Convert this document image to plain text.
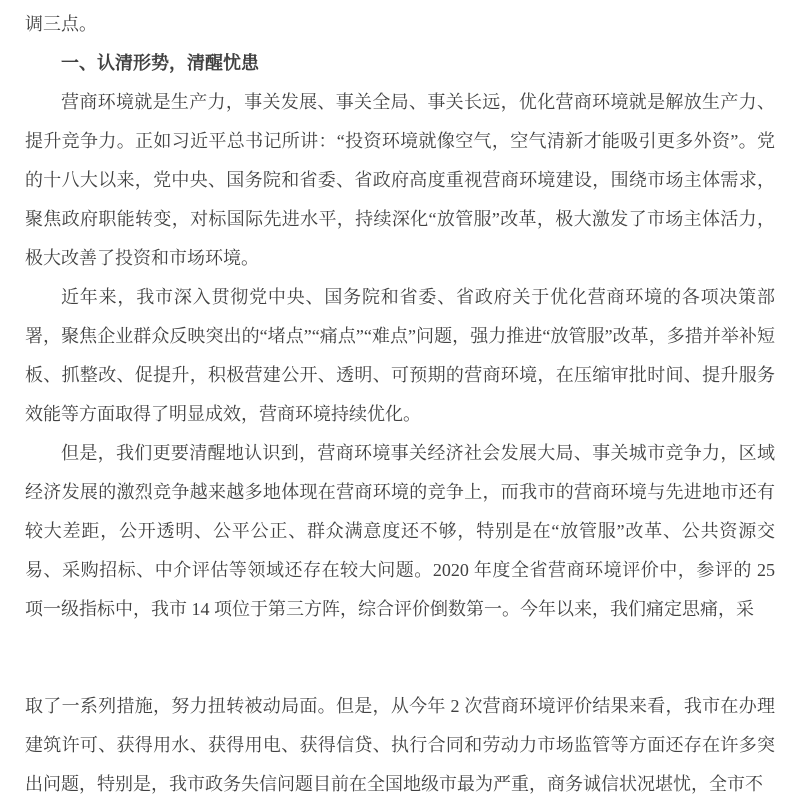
调三点。

一、认清形势，清醒忧患

营商环境就是生产力，事关发展、事关全局、事关长远，优化营商环境就是解放生产力、提升竞争力。正如习近平总书记所讲：“投资环境就像空气，空气清新才能吸引更多外资”。党的十八大以来，党中央、国务院和省委、省政府高度重视营商环境建设，围绕市场主体需求，聚焦政府职能转变，对标国际先进水平，持续深化“放管服”改革，极大激发了市场主体活力，极大改善了投资和市场环境。

近年来，我市深入贯彻党中央、国务院和省委、省政府关于优化营商环境的各项决策部署，聚焦企业群众反映突出的“堵点”“痛点”“难点”问题，强力推进“放管服”改革，多措并举补短板、抓整改、促提升，积极营建公开、透明、可预期的营商环境，在压缩审批时间、提升服务效能等方面取得了明显成效，营商环境持续优化。

但是，我们更要清醒地认识到，营商环境事关经济社会发展大局、事关城市竞争力，区域经济发展的激烈竞争越来越多地体现在营商环境的竞争上，而我市的营商环境与先进地市还有较大差距，公开透明、公平公正、群众满意度还不够，特别是在“放管服”改革、公共资源交易、采购招标、中介评估等领域还存在较大问题。2020 年度全省营商环境评价中，参评的 25 项一级指标中，我市 14 项位于第三方阵，综合评价倒数第一。今年以来，我们痛定思痛，采

取了一系列措施，努力扭转被动局面。但是，从今年 2 次营商环境评价结果来看，我市在办理建筑许可、获得用水、获得用电、获得信贷、执行合同和劳动力市场监管等方面还存在许多突出问题，特别是，我市政务失信问题目前在全国地级市最为严重，商务诚信状况堪忧，全市不
